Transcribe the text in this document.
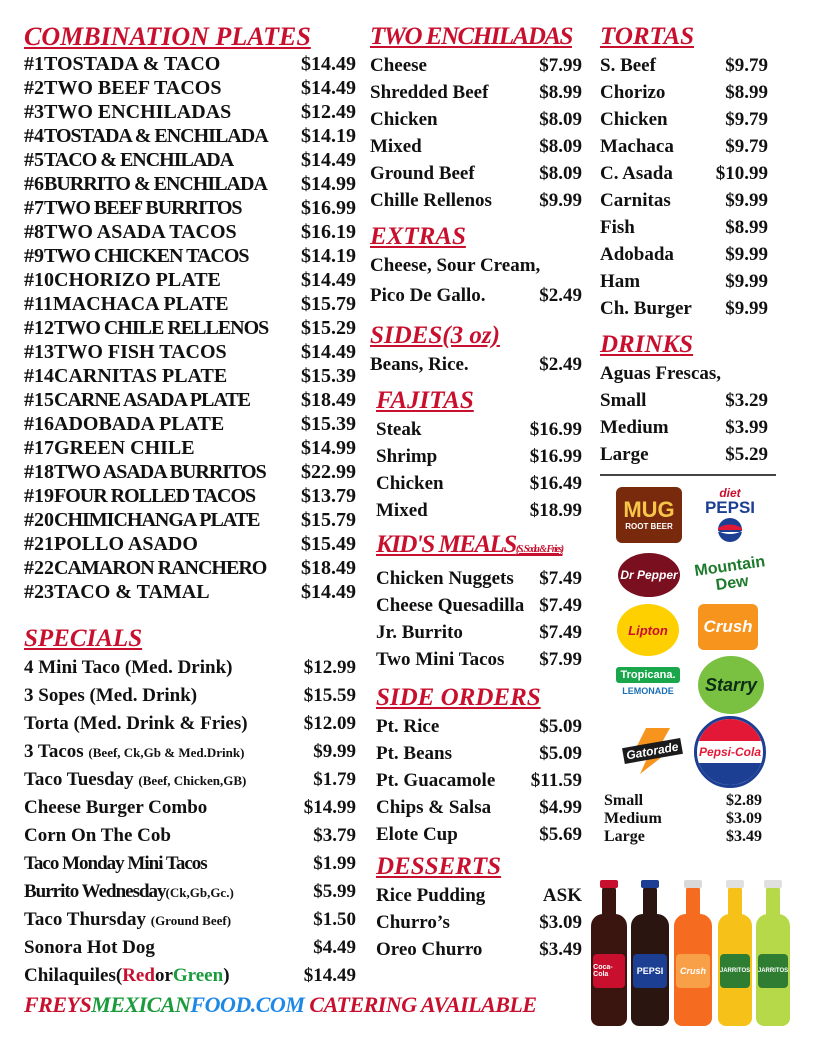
COMBINATION PLATES
#1TOSTADA & TACO	$14.49
#2TWO BEEF TACOS	$14.49
#3TWO ENCHILADAS	$12.49
#4TOSTADA & ENCHILADA $14.19
#5TACO & ENCHILADA	$14.49
#6BURRITO & ENCHILADA $14.99
#7TWO BEEF BURRITOS	$16.99
#8TWO ASADA TACOS	$16.19
#9TWO CHICKEN TACOS	$14.19
#10CHORIZO PLATE	$14.49
#11MACHACA PLATE	$15.79
#12TWO CHILE RELLENOS $15.29
#13TWO FISH TACOS	$14.49
#14CARNITAS PLATE	$15.39
#15CARNE ASADA PLATE	$18.49
#16ADOBADA PLATE	$15.39
#17GREEN CHILE	$14.99
#18TWO ASADA BURRITOS $22.99
#19FOUR ROLLED TACOS $13.79
#20CHIMICHANGA PLATE $15.79
#21POLLO ASADO	$15.49
#22CAMARON RANCHERO $18.49
#23TACO & TAMAL	$14.49
SPECIALS
4 Mini Taco (Med. Drink)	$12.99
3 Sopes (Med. Drink)	$15.59
Torta (Med. Drink & Fries)	$12.09
3 Tacos (Beef, Ck,Gb & Med.Drink)	$9.99
Taco Tuesday (Beef, Chicken,GB)	$1.79
Cheese Burger Combo	$14.99
Corn On The Cob	$3.79
Taco Monday Mini Tacos	$1.99
Burrito Wednesday(Ck,Gb,Gc.)	$5.99
Taco Thursday (Ground Beef)	$1.50
Sonora Hot Dog	$4.49
Chilaquiles(RedorGreen)	$14.49
TWO ENCHILADAS
Cheese	$7.99
Shredded Beef	$8.99
Chicken	$8.09
Mixed	$8.09
Ground Beef	$8.09
Chille Rellenos $9.99
EXTRAS
Cheese, Sour Cream,
Pico De Gallo.	$2.49
SIDES(3 oz)
Beans, Rice.	$2.49
FAJITAS
Steak	$16.99
Shrimp	$16.99
Chicken	$16.49
Mixed	$18.99
KID'S MEALS(S. Soda & Fries)
Chicken Nuggets $7.49
Cheese Quesadilla $7.49
Jr. Burrito	$7.49
Two Mini Tacos $7.99
SIDE ORDERS
Pt. Rice	$5.09
Pt. Beans	$5.09
Pt. Guacamole $11.59
Chips & Salsa	$4.99
Elote Cup	$5.69
DESSERTS
Rice Pudding	ASK
Churro’s	$3.09
Oreo Churro	$3.49
TORTAS
S. Beef	$9.79
Chorizo	$8.99
Chicken	$9.79
Machaca	$9.79
C. Asada $10.99
Carnitas	$9.99
Fish	$8.99
Adobada	$9.99
Ham	$9.99
Ch. Burger $9.99
DRINKS
Aguas Frescas,
Small	$3.29
Medium	$3.99
Large	$5.29
MUG
ROOT BEER
diet
PEPSI
Dr Pepper Mountain Dew
Lipton	Crush
Tropicana.
LEMONADE	Starry
Gatorade Pepsi-Cola
Small	$2.89
Medium	$3.09
Large	$3.49
Coca-Cola	PEPSI	Crush	JARRITOS JARRITOS
FREYSMEXICANFOOD.COM CATERING AVAILABLE
